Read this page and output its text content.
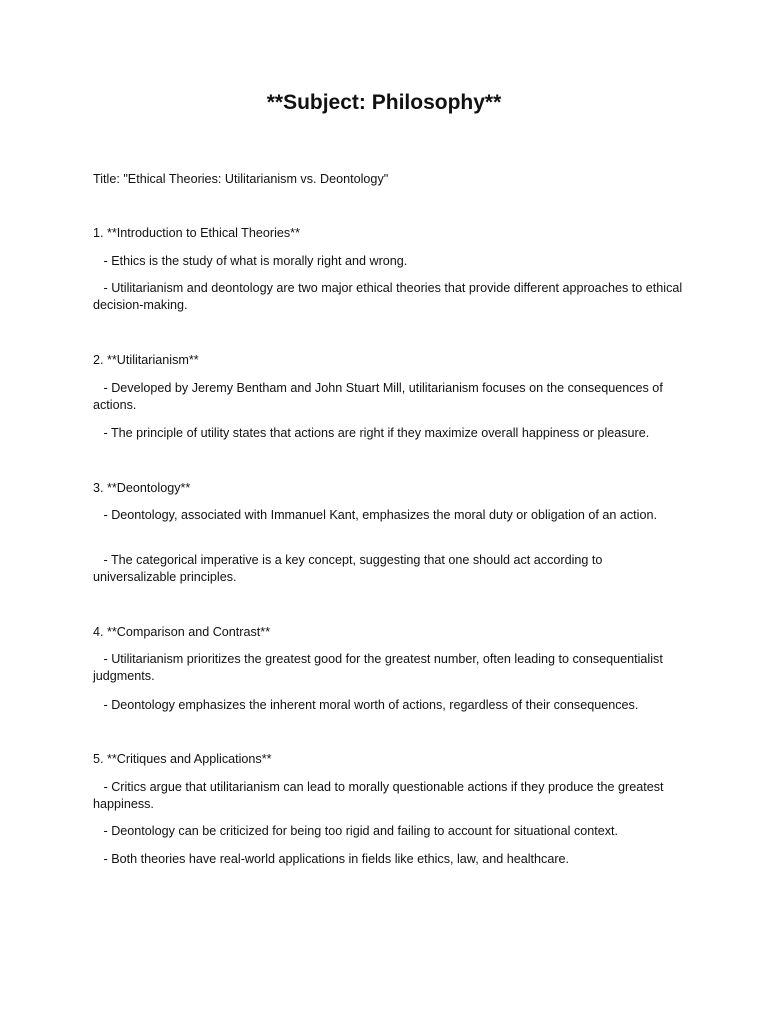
**Subject: Philosophy**

Title: "Ethical Theories: Utilitarianism vs. Deontology"

1. **Introduction to Ethical Theories**

- Ethics is the study of what is morally right and wrong.

- Utilitarianism and deontology are two major ethical theories that provide different approaches to ethical decision-making.

2. **Utilitarianism**

- Developed by Jeremy Bentham and John Stuart Mill, utilitarianism focuses on the consequences of actions.

- The principle of utility states that actions are right if they maximize overall happiness or pleasure.

3. **Deontology**

- Deontology, associated with Immanuel Kant, emphasizes the moral duty or obligation of an action.

- The categorical imperative is a key concept, suggesting that one should act according to universalizable principles.

4. **Comparison and Contrast**

- Utilitarianism prioritizes the greatest good for the greatest number, often leading to consequentialist judgments.

- Deontology emphasizes the inherent moral worth of actions, regardless of their consequences.

5. **Critiques and Applications**

- Critics argue that utilitarianism can lead to morally questionable actions if they produce the greatest happiness.

- Deontology can be criticized for being too rigid and failing to account for situational context.

- Both theories have real-world applications in fields like ethics, law, and healthcare.
